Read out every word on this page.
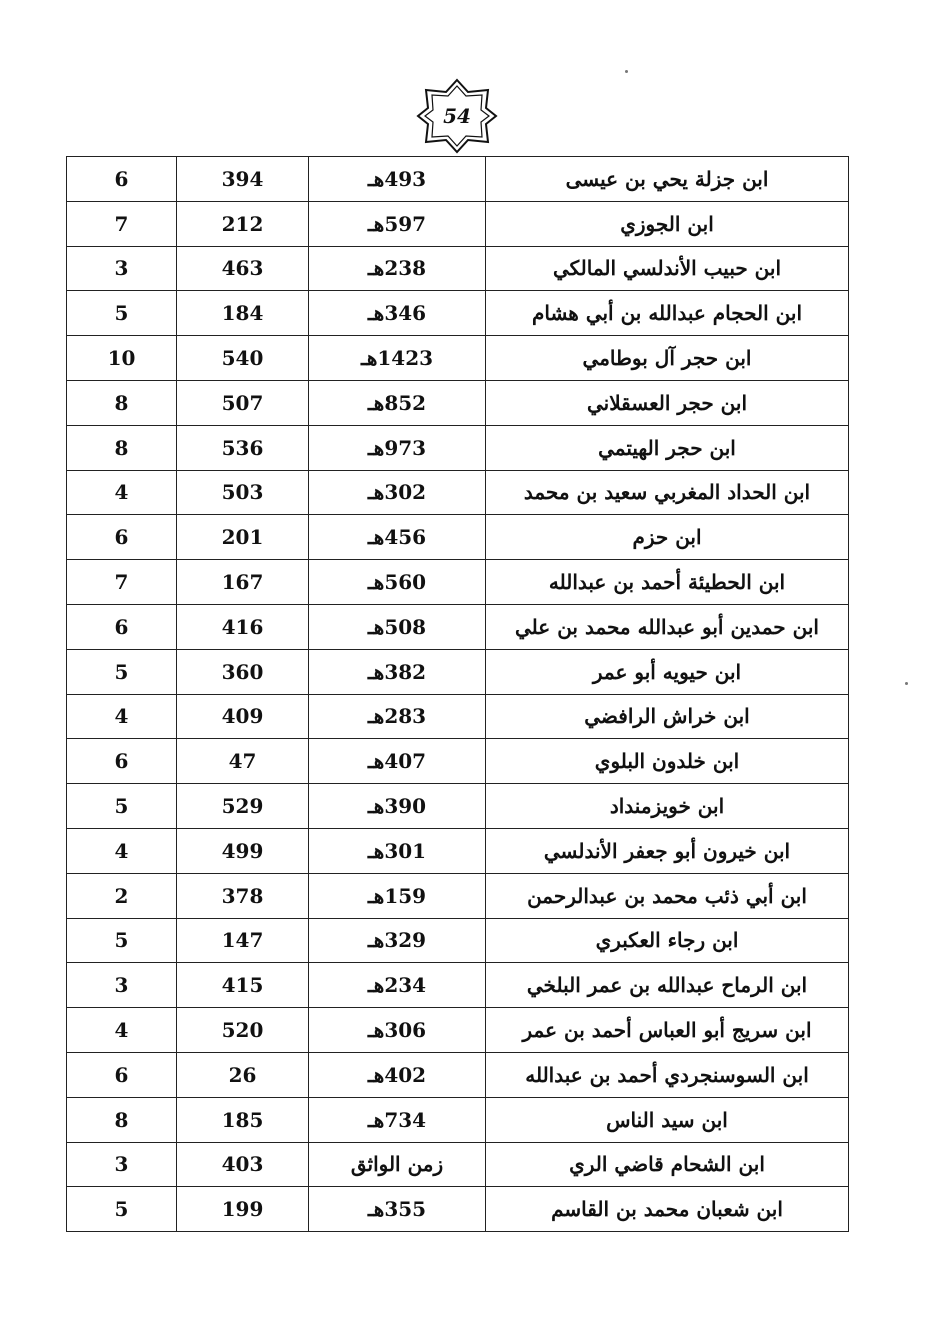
54
6	394	493هـ	ابن جزلة يحي بن عيسى
7	212	597هـ	ابن الجوزي
3	463	238هـ	ابن حبيب الأندلسي المالكي
5	184	346هـ	ابن الحجام عبدالله بن أبي هشام
10	540	1423هـ	ابن حجر آل بوطامي
8	507	852هـ	ابن حجر العسقلاني
8	536	973هـ	ابن حجر الهيتمي
4	503	302هـ	ابن الحداد المغربي سعيد بن محمد
6	201	456هـ	ابن حزم
7	167	560هـ	ابن الحطيئة أحمد بن عبدالله
6	416	508هـ	ابن حمدين أبو عبدالله محمد بن علي
5	360	382هـ	ابن حيويه أبو عمر
4	409	283هـ	ابن خراش الرافضي
6	47	407هـ	ابن خلدون البلوي
5	529	390هـ	ابن خويزمنداد
4	499	301هـ	ابن خيرون أبو جعفر الأندلسي
2	378	159هـ	ابن أبي ذئب محمد بن عبدالرحمن
5	147	329هـ	ابن رجاء العكبري
3	415	234هـ	ابن الرماح عبدالله بن عمر البلخي
4	520	306هـ	ابن سريج أبو العباس أحمد بن عمر
6	26	402هـ	ابن السوسنجردي أحمد بن عبدالله
8	185	734هـ	ابن سيد الناس
3	403	زمن الواثق	ابن الشحام قاضي الري
5	199	355هـ	ابن شعبان محمد بن القاسم
